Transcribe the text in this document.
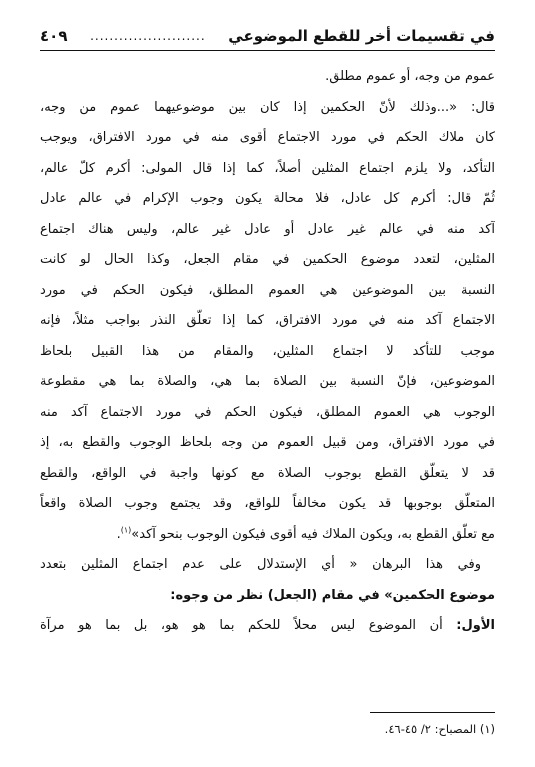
في تقسيمات أخر للقطع الموضوعي
........................
٤٠٩
عموم من وجه، أو عموم مطلق.
قال: «...وذلك لأنّ الحكمين إذا كان بين موضوعيهما عموم من وجه،
كان ملاك الحكم في مورد الاجتماع أقوى منه في مورد الافتراق، ويوجب
التأكد، ولا يلزم اجتماع المثلين أصلاً، كما إذا قال المولى: أكرم كلّ عالم،
ثُمّ قال: أكرم كل عادل، فلا محالة يكون وجوب الإكرام في عالم عادل
آكد منه في عالم غير عادل أو عادل غير عالم، وليس هناك اجتماع
المثلين، لتعدد موضوع الحكمين في مقام الجعل، وكذا الحال لو كانت
النسبة بين الموضوعين هي العموم المطلق، فيكون الحكم في مورد
الاجتماع آكد منه في مورد الافتراق، كما إذا تعلّق النذر بواجب مثلاً، فإنه
موجب للتأكد لا اجتماع المثلين، والمقام من هذا القبيل بلحاظ
الموضوعين، فإنّ النسبة بين الصلاة بما هي، والصلاة بما هي مقطوعة
الوجوب هي العموم المطلق، فيكون الحكم في مورد الاجتماع آكد منه
في مورد الافتراق، ومن قبيل العموم من وجه بلحاظ الوجوب والقطع به، إذ
قد لا يتعلّق القطع بوجوب الصلاة مع كونها واجبة في الواقع، والقطع
المتعلّق بوجوبها قد يكون مخالفاً للواقع، وقد يجتمع وجوب الصلاة واقعاً
مع تعلّق القطع به، ويكون الملاك فيه أقوى فيكون الوجوب بنحو آكد»$^{(١)}$.
وفي هذا البرهان « أي الإستدلال على عدم اجتماع المثلين بتعدد
موضوع الحكمين» في مقام (الجعل) نظر من وجوه:
الأول: أن الموضوع ليس محلاً للحكم بما هو هو، بل بما هو مرآة
(١) المصباح: ٢/ ٤٥-٤٦.
